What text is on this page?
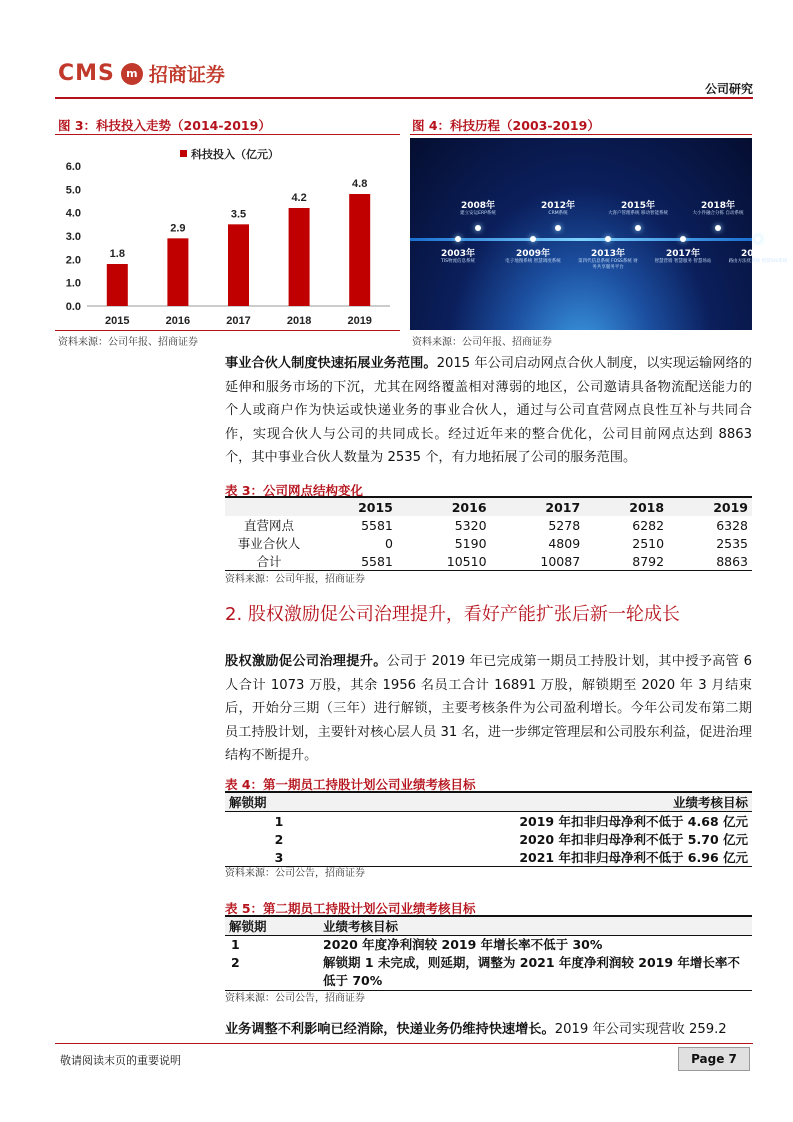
CMS	m 招商证券
公司研究
图 3：科技投入走势（2014-2019）
0.0
1.0
2.0
3.0
4.0
5.0
6.0
科技投入（亿元）
1.8
2015
2.9
2016
3.5
2017
4.2
2018
4.8
2019
资料来源：公司年报、招商证券
图 4：科技历程（2003-2019）
2008年
建立安运ERP系统
2012年
CRM系统
2015年
大客户管理系统 移动智能系统
2018年
大小件融合分拣 自动系统
2003年
TIS物流信息系统
2009年
电子地图系统 智慧调度系统
2013年
第四代信息系统 FOSS系统 财务共享服务平台
2017年
智慧营销 智慧服务 智慧场站
2019年
路由方法优系统 智慧GIS系统
资料来源：公司年报、招商证券
事业合伙人制度快速拓展业务范围。2015 年公司启动网点合伙人制度，以实现运输网络的延伸和服务市场的下沉，尤其在网络覆盖相对薄弱的地区，公司邀请具备物流配送能力的个人或商户作为快运或快递业务的事业合伙人，通过与公司直营网点良性互补与共同合作，实现合伙人与公司的共同成长。经过近年来的整合优化，公司目前网点达到 8863 个，其中事业合伙人数量为 2535 个，有力地拓展了公司的服务范围。
表 3：公司网点结构变化
	2015	2016	2017	2018	2019
直营网点	5581	5320	5278	6282	6328
事业合伙人	0	5190	4809	2510	2535
合计	5581	10510	10087	8792	8863
资料来源：公司年报，招商证券
2. 股权激励促公司治理提升，看好产能扩张后新一轮成长
股权激励促公司治理提升。公司于 2019 年已完成第一期员工持股计划，其中授予高管 6 人合计 1073 万股，其余 1956 名员工合计 16891 万股，解锁期至 2020 年 3 月结束后，开始分三期（三年）进行解锁，主要考核条件为公司盈利增长。今年公司发布第二期员工持股计划，主要针对核心层人员 31 名，进一步绑定管理层和公司股东利益，促进治理结构不断提升。
表 4：第一期员工持股计划公司业绩考核目标
解锁期	业绩考核目标
1	2019 年扣非归母净利不低于 4.68 亿元
2	2020 年扣非归母净利不低于 5.70 亿元
3	2021 年扣非归母净利不低于 6.96 亿元
资料来源：公司公告，招商证券
表 5：第二期员工持股计划公司业绩考核目标
解锁期	业绩考核目标
1	2020 年度净利润较 2019 年增长率不低于 30%
2	解锁期 1 未完成，则延期，调整为 2021 年度净利润较 2019 年增长率不低于 70%
资料来源：公司公告，招商证券
业务调整不利影响已经消除，快递业务仍维持快速增长。2019 年公司实现营收 259.2
敬请阅读末页的重要说明	Page 7
